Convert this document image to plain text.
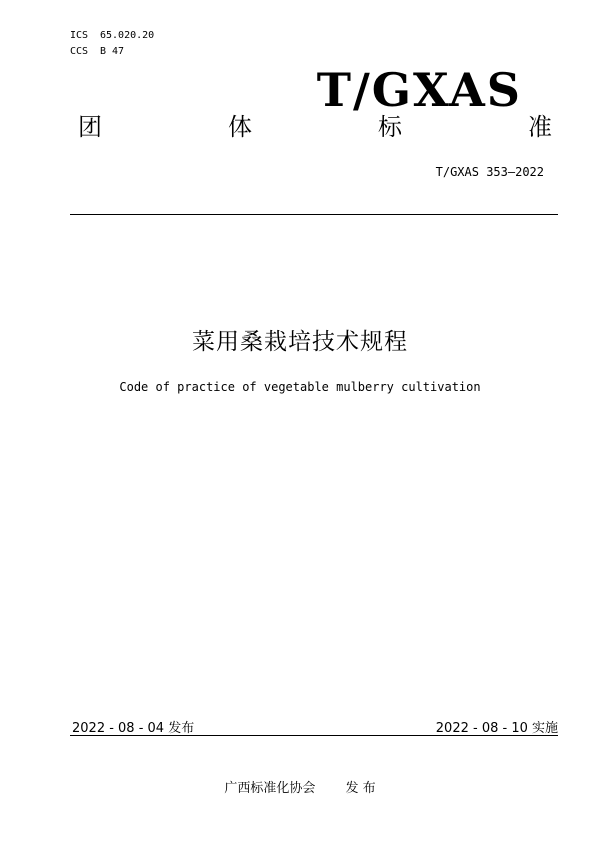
ICS 65.020.20
CCS B 47
T/GXAS
团	体	标	准
T/GXAS 353—2022
菜用桑栽培技术规程
Code of practice of vegetable mulberry cultivation
2022 - 08 - 04 发布	2022 - 08 - 10 实施
广西标准化协会 发 布
